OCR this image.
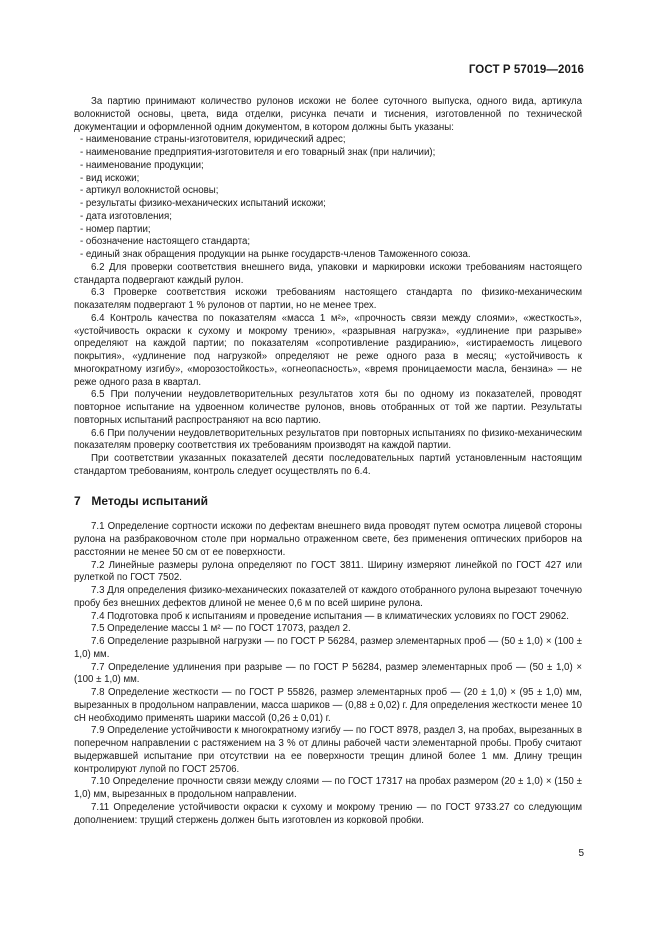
ГОСТ Р 57019—2016

За партию принимают количество рулонов искожи не более суточного выпуска, одного вида, артикула волокнистой основы, цвета, вида отделки, рисунка печати и тиснения, изготовленной по технической документации и оформленной одним документом, в котором должны быть указаны:

- наименование страны-изготовителя, юридический адрес;
- наименование предприятия-изготовителя и его товарный знак (при наличии);
- наименование продукции;
- вид искожи;
- артикул волокнистой основы;
- результаты физико-механических испытаний искожи;
- дата изготовления;
- номер партии;
- обозначение настоящего стандарта;
- единый знак обращения продукции на рынке государств-членов Таможенного союза.

6.2 Для проверки соответствия внешнего вида, упаковки и маркировки искожи требованиям настоящего стандарта подвергают каждый рулон.

6.3 Проверке соответствия искожи требованиям настоящего стандарта по физико-механическим показателям подвергают 1 % рулонов от партии, но не менее трех.

6.4 Контроль качества по показателям «масса 1 м²», «прочность связи между слоями», «жесткость», «устойчивость окраски к сухому и мокрому трению», «разрывная нагрузка», «удлинение при разрыве» определяют на каждой партии; по показателям «сопротивление раздиранию», «истираемость лицевого покрытия», «удлинение под нагрузкой» определяют не реже одного раза в месяц; «устойчивость к многократному изгибу», «морозостойкость», «огнеопасность», «время проницаемости масла, бензина» — не реже одного раза в квартал.

6.5 При получении неудовлетворительных результатов хотя бы по одному из показателей, проводят повторное испытание на удвоенном количестве рулонов, вновь отобранных от той же партии. Результаты повторных испытаний распространяют на всю партию.

6.6 При получении неудовлетворительных результатов при повторных испытаниях по физико-механическим показателям проверку соответствия их требованиям производят на каждой партии.

При соответствии указанных показателей десяти последовательных партий установленным настоящим стандартом требованиям, контроль следует осуществлять по 6.4.

7 Методы испытаний

7.1 Определение сортности искожи по дефектам внешнего вида проводят путем осмотра лицевой стороны рулона на разбраковочном столе при нормально отраженном свете, без применения оптических приборов на расстоянии не менее 50 см от ее поверхности.

7.2 Линейные размеры рулона определяют по ГОСТ 3811. Ширину измеряют линейкой по ГОСТ 427 или рулеткой по ГОСТ 7502.

7.3 Для определения физико-механических показателей от каждого отобранного рулона вырезают точечную пробу без внешних дефектов длиной не менее 0,6 м по всей ширине рулона.

7.4 Подготовка проб к испытаниям и проведение испытания — в климатических условиях по ГОСТ 29062.

7.5 Определение массы 1 м² — по ГОСТ 17073, раздел 2.

7.6 Определение разрывной нагрузки — по ГОСТ Р 56284, размер элементарных проб — (50 ± 1,0) × (100 ± 1,0) мм.

7.7 Определение удлинения при разрыве — по ГОСТ Р 56284, размер элементарных проб — (50 ± 1,0) × (100 ± 1,0) мм.

7.8 Определение жесткости — по ГОСТ Р 55826, размер элементарных проб — (20 ± 1,0) × (95 ± 1,0) мм, вырезанных в продольном направлении, масса шариков — (0,88 ± 0,02) г. Для определения жесткости менее 10 сН необходимо применять шарики массой (0,26 ± 0,01) г.

7.9 Определение устойчивости к многократному изгибу — по ГОСТ 8978, раздел 3, на пробах, вырезанных в поперечном направлении с растяжением на 3 % от длины рабочей части элементарной пробы. Пробу считают выдержавшей испытание при отсутствии на ее поверхности трещин длиной более 1 мм. Длину трещин контролируют лупой по ГОСТ 25706.

7.10 Определение прочности связи между слоями — по ГОСТ 17317 на пробах размером (20 ± 1,0) × (150 ± 1,0) мм, вырезанных в продольном направлении.

7.11 Определение устойчивости окраски к сухому и мокрому трению — по ГОСТ 9733.27 со следующим дополнением: трущий стержень должен быть изготовлен из корковой пробки.

5
